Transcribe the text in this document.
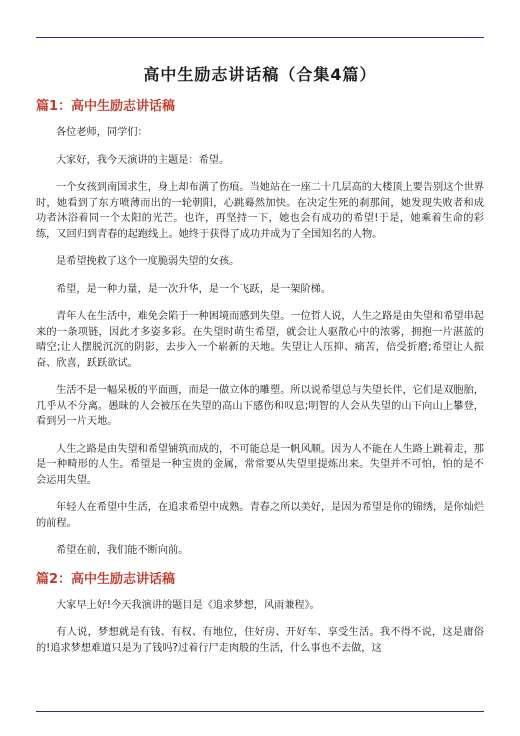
高中生励志讲话稿（合集4篇）
篇1：高中生励志讲话稿

各位老师，同学们：

大家好，我今天演讲的主题是：希望。

一个女孩到南国求生，身上却布满了伤痕。当她站在一座二十几层高的大楼顶上要告别这个世界时，她看到了东方喷薄而出的一轮朝阳，心跳蓦然加快。在决定生死的刹那间，她发现失败者和成功者沐浴着同一个太阳的光芒。也许，再坚持一下，她也会有成功的希望!于是，她乘着生命的彩练，又回归到青春的起跑线上。她终于获得了成功并成为了全国知名的人物。

是希望挽救了这个一度脆弱失望的女孩。

希望，是一种力量，是一次升华，是一个飞跃，是一架阶梯。

青年人在生活中，难免会陷于一种困境而感到失望。一位哲人说，人生之路是由失望和希望串起来的一条项链，因此才多姿多彩。在失望时萌生希望，就会让人驱散心中的浓雾，拥抱一片湛蓝的晴空;让人摆脱沉沉的阴影，去步入一个崭新的天地。失望让人压抑、痛苦，倍受折磨;希望让人振奋、欣喜，跃跃欲试。

生活不是一幅呆板的平面画，而是一做立体的雕塑。所以说希望总与失望长伴，它们是双胞胎，几乎从不分离。愚昧的人会被压在失望的高山下感伤和叹息;明智的人会从失望的山下向山上攀登，看到另一片天地。

人生之路是由失望和希望铺筑而成的，不可能总是一帆风顺。因为人不能在人生路上跳着走，那是一种畸形的人生。希望是一种宝贵的金属，常常要从失望里提炼出来。失望并不可怕，怕的是不会运用失望。

年轻人在希望中生活，在追求希望中成熟。青春之所以美好，是因为希望是你的锦绣，是你灿烂的前程。

希望在前，我们能不断向前。

篇2：高中生励志讲话稿

大家早上好!今天我演讲的题目是《追求梦想，风雨兼程》。

有人说，梦想就是有钱、有权、有地位，住好房、开好车、享受生活。我不得不说，这是庸俗的!追求梦想难道只是为了钱吗?过着行尸走肉般的生活，什么事也不去做，这
